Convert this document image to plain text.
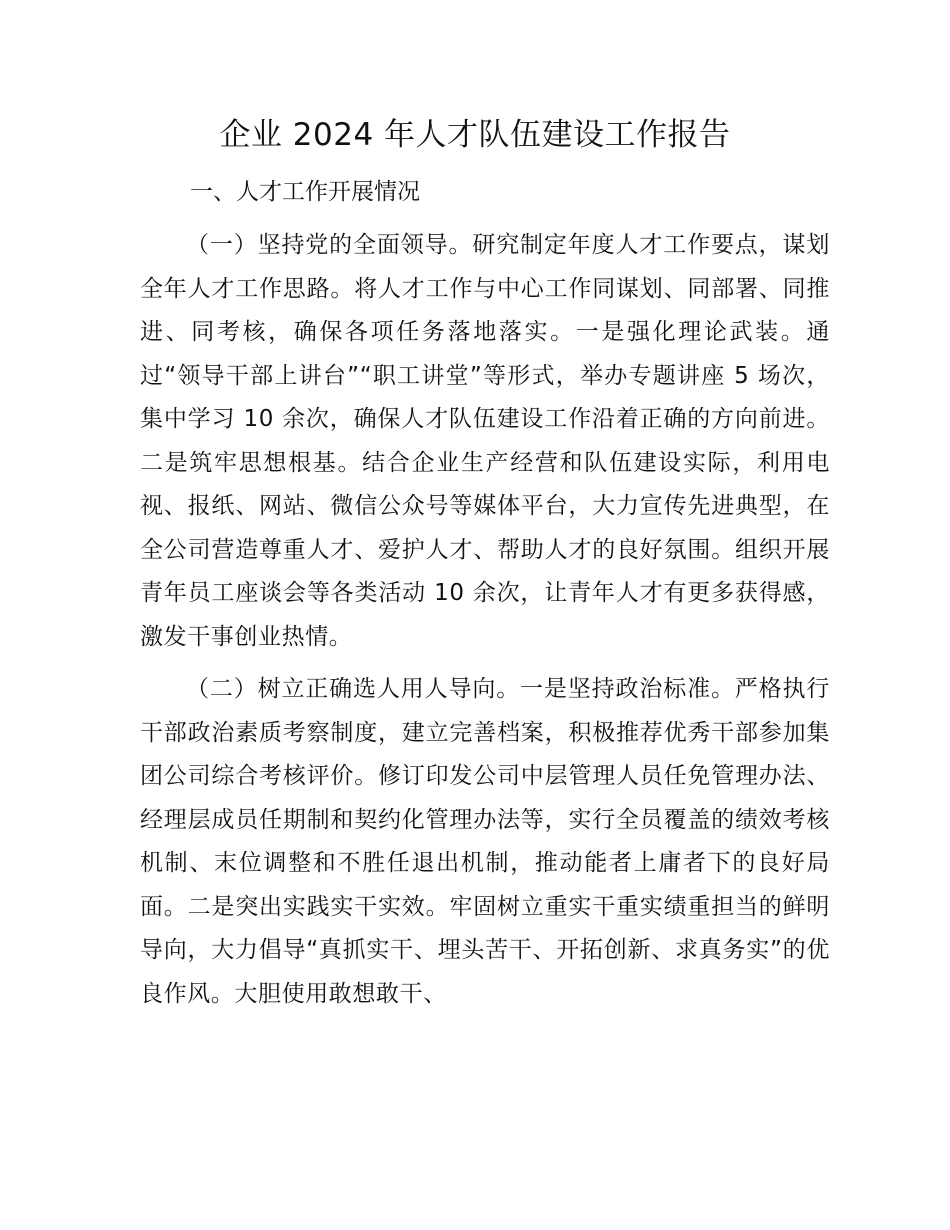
企业 2024 年人才队伍建设工作报告
一、人才工作开展情况

（一）坚持党的全面领导。研究制定年度人才工作要点，谋划全年人才工作思路。将人才工作与中心工作同谋划、同部署、同推进、同考核，确保各项任务落地落实。一是强化理论武装。通过“领导干部上讲台”“职工讲堂”等形式，举办专题讲座 5 场次，集中学习 10 余次，确保人才队伍建设工作沿着正确的方向前进。二是筑牢思想根基。结合企业生产经营和队伍建设实际，利用电视、报纸、网站、微信公众号等媒体平台，大力宣传先进典型，在全公司营造尊重人才、爱护人才、帮助人才的良好氛围。组织开展青年员工座谈会等各类活动 10 余次，让青年人才有更多获得感，激发干事创业热情。

（二）树立正确选人用人导向。一是坚持政治标准。严格执行干部政治素质考察制度，建立完善档案，积极推荐优秀干部参加集团公司综合考核评价。修订印发公司中层管理人员任免管理办法、经理层成员任期制和契约化管理办法等，实行全员覆盖的绩效考核机制、末位调整和不胜任退出机制，推动能者上庸者下的良好局面。二是突出实践实干实效。牢固树立重实干重实绩重担当的鲜明导向，大力倡导“真抓实干、埋头苦干、开拓创新、求真务实”的优良作风。大胆使用敢想敢干、
